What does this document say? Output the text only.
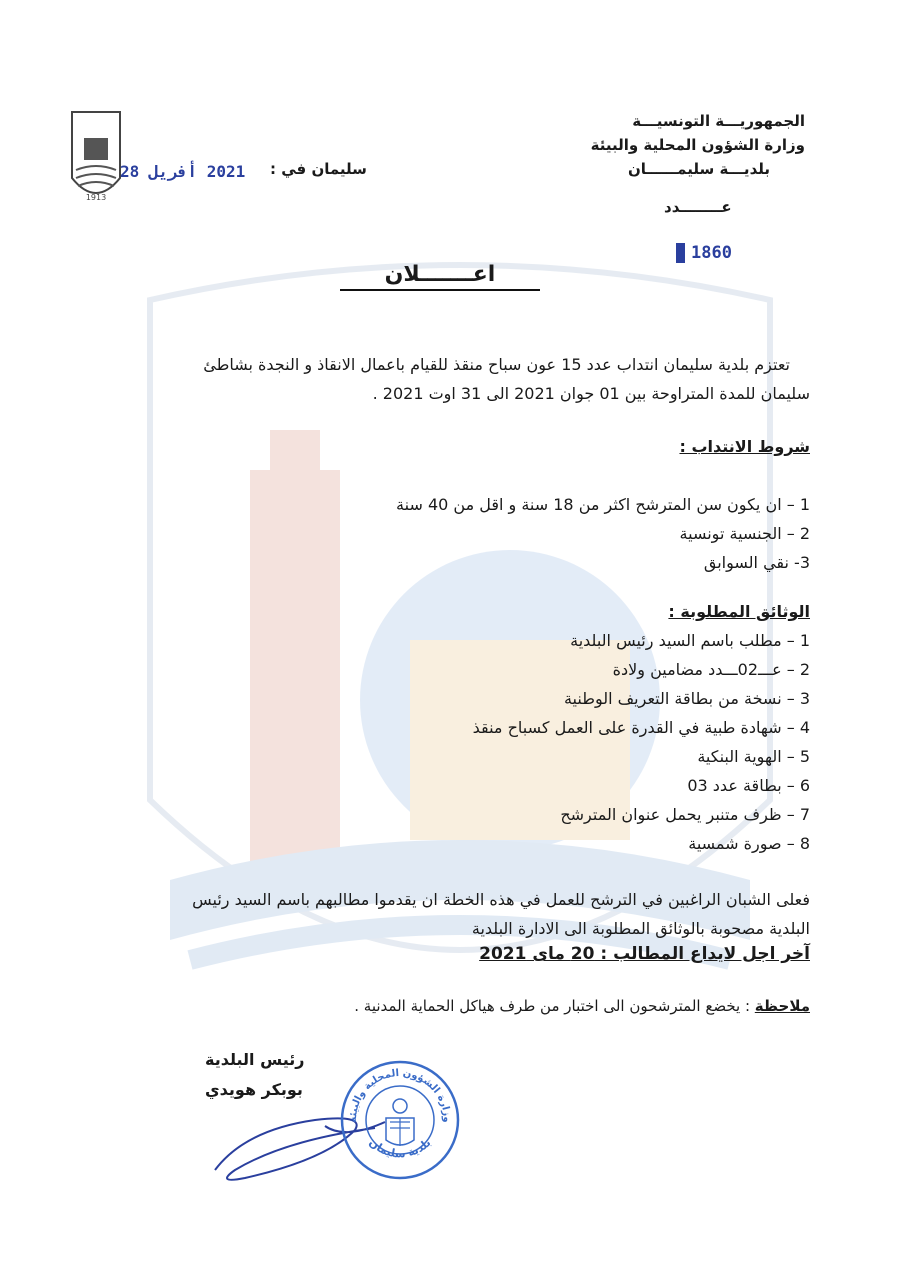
الجمهوريـــة التونسيـــة
وزارة الشؤون المحلية والبيئة
بلديـــة سليمــــــان
عــــــــدد
1860
1913
2021 أفريل 28 سليمان في :
اعـــــــلان
تعتزم بلدية سليمان انتداب عدد 15 عون سباح منقذ للقيام باعمال الانقاذ و النجدة بشاطئ
سليمان للمدة المتراوحة بين 01 جوان 2021 الى 31 اوت 2021 .
شروط الانتداب :
1 – ان يكون سن المترشح اكثر من 18 سنة و اقل من 40 سنة
2 – الجنسية تونسية
3- نقي السوابق
الوثائق المطلوبة :
1 – مطلب باسم السيد رئيس البلدية
2 – عـــ02ـــدد مضامين ولادة
3 – نسخة من بطاقة التعريف الوطنية
4 – شهادة طبية في القدرة على العمل كسباح منقذ
5 – الهوية البنكية
6 – بطاقة عدد 03
7 – ظرف متنبر يحمل عنوان المترشح
8 – صورة شمسية
فعلى الشبان الراغبين في الترشح للعمل في هذه الخطة ان يقدموا مطالبهم باسم السيد رئيس
البلدية مصحوبة بالوثائق المطلوبة الى الادارة البلدية
آخر اجل لايداع المطالب : 20 ماى 2021
ملاحظة : يخضع المترشحون الى اختبار من طرف هياكل الحماية المدنية .
رئيس البلدية
بوبكر هويدي
وزارة الشؤون المحلية والبيئة
بلدية سليمان
